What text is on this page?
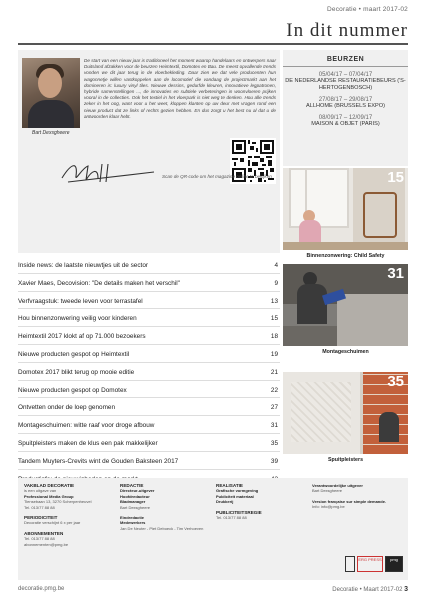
Decoratie • maart 2017-02
In dit nummer
Bart Dexsgheere
De start van een nieuw jaar is traditioneel het moment waarop handelaars en ontwerpers naar Duitsland afzakken voor de beurzen Heimtextil, Domotex en Bau. De meest opvallende trends vonden we dit jaar terug in de vloerbekleding. Daar zien we dat vele producenten hun wagonnetje willen vastkoppelen aan de locomotief die vandaag de projectmarkt aan het domineren is: luxury vinyl tiles. Nieuwe dessins, gedurfde kleuren, innovatieve legpatronen, hybride samenstellingen ..., de innovaties en subtiele verbeteringen in woonvloeren prijken vooral in de collecties. Ook het textiel in het vloerpark is niet weg te denken. Hou alle trends zeker in het oog, want voor u het weet, kloppen klanten op uw deur met vragen rond een nieuw product dat ze links of rechts gezien hebben. En dus zorgt u het best nu al dat u de antwoorden klaar hebt.
Scan de QR-code om het magazine online te bekijken
BEURZEN
05/04/17 – 07/04/17
DE NEDERLANDSE RESTAURATIEBEURS ('S-HERTOGENBOSCH)
27/08/17 – 29/08/17
ALLHOME (BRUSSELS EXPO)
08/09/17 – 12/09/17
MAISON & OBJET (PARIS)
Inside news: de laatste nieuwtjes uit de sector	4
Xavier Maes, Decovision: "De details maken het verschil"	9
Verfvraagstuk: tweede leven voor terrastafel	13
Hou binnenzonwering veilig voor kinderen	15
Heimtextil 2017 klokt af op 71.000 bezoekers	18
Nieuwe producten gespot op Heimtextil	19
Domotex 2017 blikt terug op mooie editie	21
Nieuwe producten gespot op Domotex	22
Ontvetten onder de loep genomen	27
Montageschuimen: witte raaf voor droge afbouw	31
Spuitpleisters maken de klus een pak makkelijker	35
Tandem Muyters-Crevits wint de Gouden Baksteen 2017	39
15
Binnenzonwering: Child Safety
31
Montageschuimen
35
Spuitpleisters
VAKBLAD DECORATIE
is een uitgave van
Professional Media Group
Tiensebaan 13, 3270 Scherpenheuvel
Tel. 013/77 88 88
PERIODICITEIT
Decoratie verschijnt 6 x per jaar
ABONNEMENTEN
Tel. 013/77 88 88
abonnementen@pmg.be
REDACTIE
Directeur-uitgever
Hoofdredacteur
Bladmanager
Bart Dexsgheere
Eindredactie
Medewerkers
Jan De Neuter - Piet Deboeck - Tim Verhoeven
REALISATIE
Grafische vormgeving
Publiciteit materiaal
Drukkerij
PUBLICITEITSREGIE
Tel. 013/77 88 88
Verantwoordelijke uitgever
Bart Dexsgheere
Version française sur simple demande.
Info: info@pmg.be
ERG PRESS	pmg
decoratie.pmg.be	Decoratie • Maart 2017-02 3
